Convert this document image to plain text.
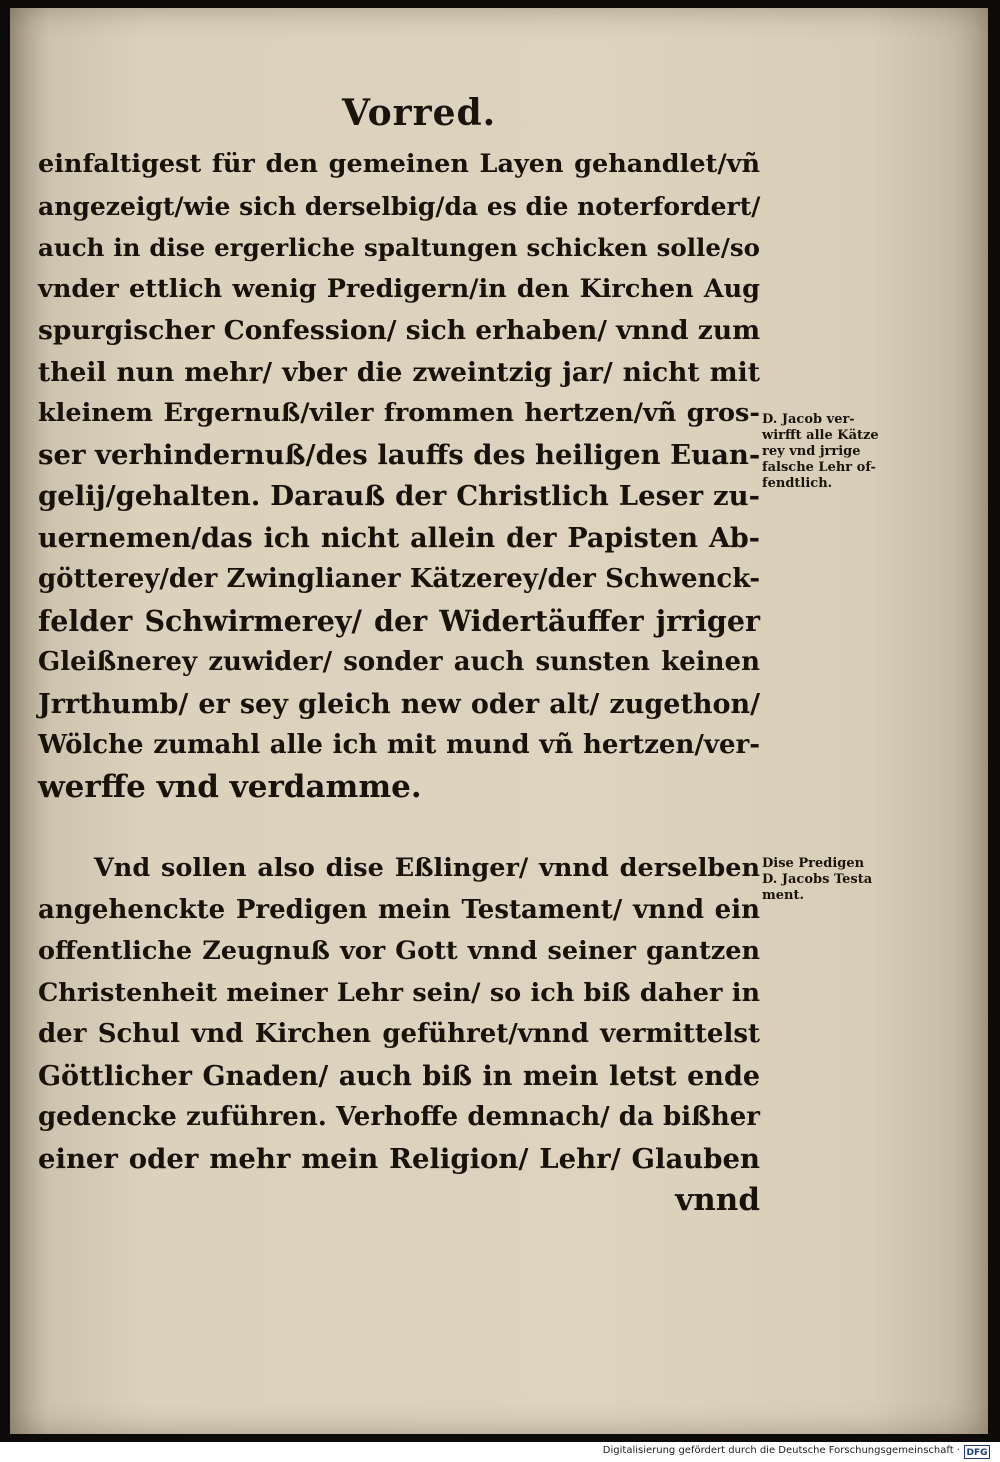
Vorred.
einfaltigest für den gemeinen Layen gehandlet/vñ
angezeigt/wie sich derselbig/da es die noterfordert/
auch in dise ergerliche spaltungen schicken solle/so
vnder ettlich wenig Predigern/in den Kirchen Aug
spurgischer Confession/ sich erhaben/ vnnd zum
theil nun mehr/ vber die zweintzig jar/ nicht mit
kleinem Ergernuß/viler frommen hertzen/vñ gros-
ser verhindernuß/des lauffs des heiligen Euan-
gelij/gehalten. Darauß der Christlich Leser zu-
uernemen/das ich nicht allein der Papisten Ab-
götterey/der Zwinglianer Kätzerey/der Schwenck-
felder Schwirmerey/ der Widertäuffer jrriger
Gleißnerey zuwider/ sonder auch sunsten keinen
Jrrthumb/ er sey gleich new oder alt/ zugethon/
Wölche zumahl alle ich mit mund vñ hertzen/ver-
werffe vnd verdamme.
Vnd sollen also dise Eßlinger/ vnnd derselben
angehenckte Predigen mein Testament/ vnnd ein
offentliche Zeugnuß vor Gott vnnd seiner gantzen
Christenheit meiner Lehr sein/ so ich biß daher in
der Schul vnd Kirchen geführet/vnnd vermittelst
Göttlicher Gnaden/ auch biß in mein letst ende
gedencke zuführen. Verhoffe demnach/ da bißher
einer oder mehr mein Religion/ Lehr/ Glauben
vnnd
D. Jacob ver-
wirfft alle Kätze
rey vnd jrrige
falsche Lehr of-
fendtlich.
Dise Predigen
D. Jacobs Testa
ment.
Digitalisierung gefördert durch die Deutsche Forschungsgemeinschaft · DFG
